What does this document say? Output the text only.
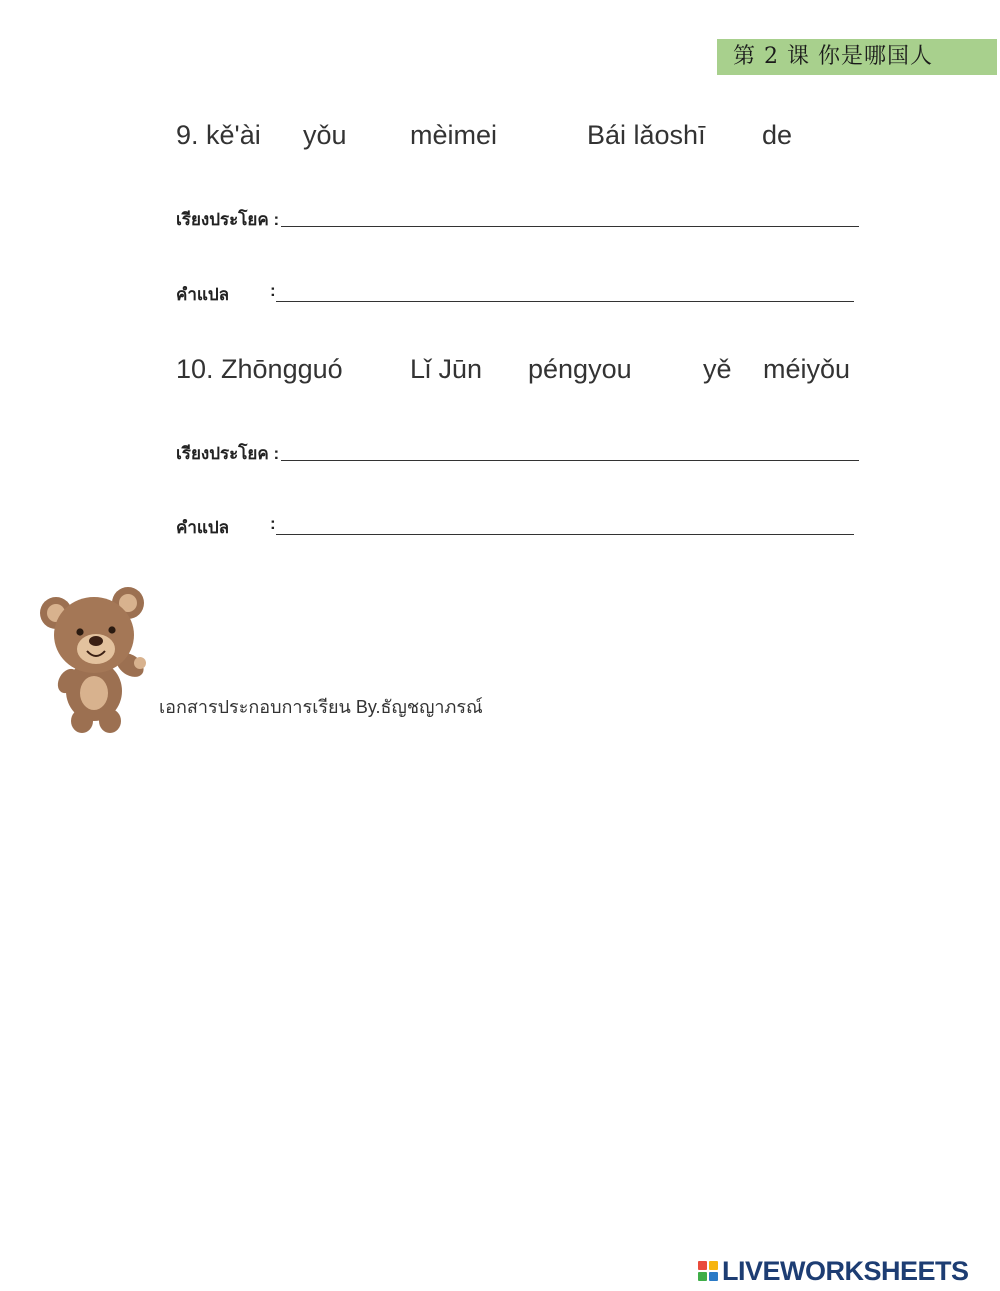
第 2 课 你是哪国人
9. kě'ài yǒu mèimei	Bái lǎoshī de
เรียงประโยค :
คำแปล :
10. Zhōngguó Lǐ Jūn péngyou	yě méiyǒu
เรียงประโยค :
คำแปล :
เอกสารประกอบการเรียน By.ธัญชญาภรณ์
LIVEWORKSHEETS
